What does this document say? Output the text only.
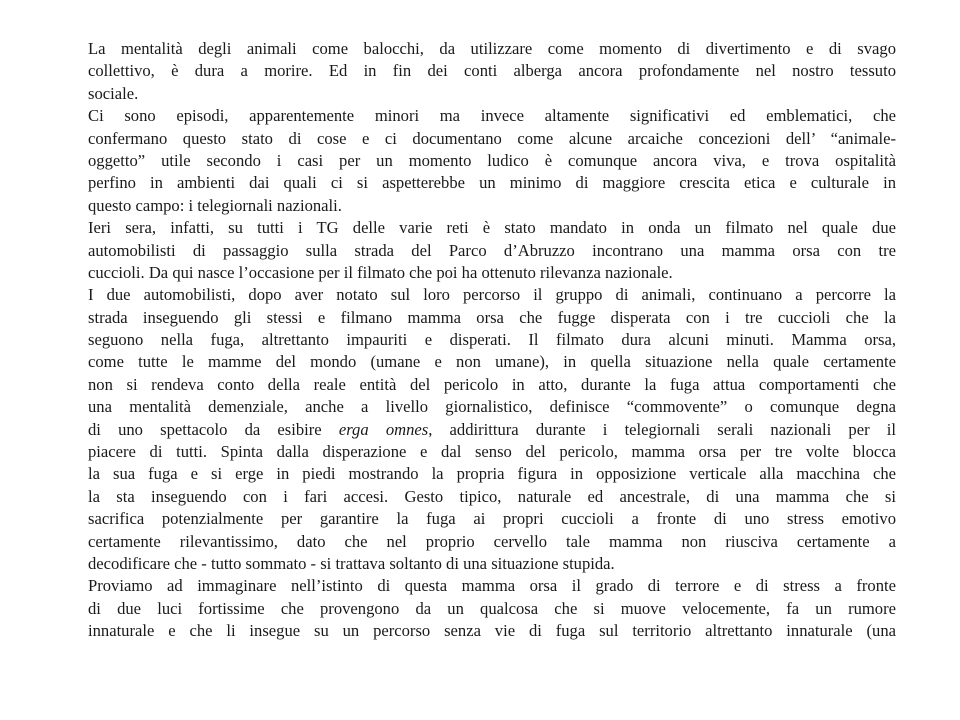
La mentalità degli animali come balocchi, da utilizzare come momento di divertimento e di svago
collettivo, è dura a morire. Ed in fin dei conti alberga ancora profondamente nel nostro tessuto
sociale.
Ci sono episodi, apparentemente minori ma invece altamente significativi ed emblematici, che
confermano questo stato di cose e ci documentano come alcune arcaiche concezioni dell’ “animale-
oggetto” utile secondo i casi per un momento ludico è comunque ancora viva, e trova ospitalità
perfino in ambienti dai quali ci si aspetterebbe un minimo di maggiore crescita etica e culturale in
questo campo: i telegiornali nazionali.
Ieri sera, infatti, su tutti i TG delle varie reti è stato mandato in onda un filmato nel quale due
automobilisti di passaggio sulla strada del Parco d’Abruzzo incontrano una mamma orsa con tre
cuccioli. Da qui nasce l’occasione per il filmato che poi ha ottenuto rilevanza nazionale.
I due automobilisti, dopo aver notato sul loro percorso il gruppo di animali, continuano a percorre la
strada inseguendo gli stessi e filmano mamma orsa che fugge disperata con i tre cuccioli che la
seguono nella fuga, altrettanto impauriti e disperati. Il filmato dura alcuni minuti. Mamma orsa,
come tutte le mamme del mondo (umane e non umane), in quella situazione nella quale certamente
non si rendeva conto della reale entità del pericolo in atto, durante la fuga attua comportamenti che
una mentalità demenziale, anche a livello giornalistico, definisce “commovente” o comunque degna
di uno spettacolo da esibire erga omnes, addirittura durante i telegiornali serali nazionali per il
piacere di tutti. Spinta dalla disperazione e dal senso del pericolo, mamma orsa per tre volte blocca
la sua fuga e si erge in piedi mostrando la propria figura in opposizione verticale alla macchina che
la sta inseguendo con i fari accesi. Gesto tipico, naturale ed ancestrale, di una mamma che si
sacrifica potenzialmente per garantire la fuga ai propri cuccioli a fronte di uno stress emotivo
certamente rilevantissimo, dato che nel proprio cervello tale mamma non riusciva certamente a
decodificare che - tutto sommato - si trattava soltanto di una situazione stupida.
Proviamo ad immaginare nell’istinto di questa mamma orsa il grado di terrore e di stress a fronte
di due luci fortissime che provengono da un qualcosa che si muove velocemente, fa un rumore
innaturale e che li insegue su un percorso senza vie di fuga sul territorio altrettanto innaturale (una
